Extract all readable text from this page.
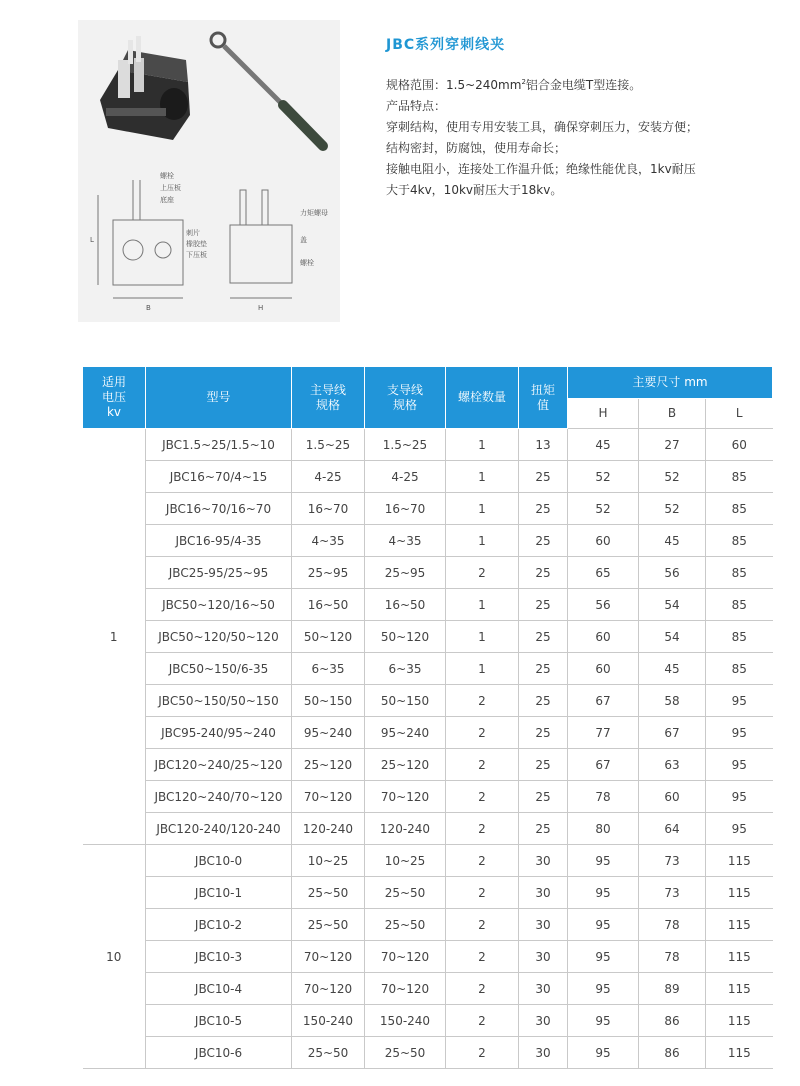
螺栓
上压板
底座
刺片
橡胶垫
下压板
B
L
力矩螺母
盖
螺栓
H
JBC系列穿刺线夹

规格范围：$1.5\sim 240mm^2$铝合金电缆T型连接。

产品特点：

穿刺结构，使用专用安装工具，确保穿刺压力，安装方便；

结构密封，防腐蚀，使用寿命长；

接触电阻小，连接处工作温升低；绝缘性能优良，1kv耐压

大于4kv，10kv耐压大于18kv。

适用
电压
kv	型号	主导线
规格	支导线
规格	螺栓数量	扭矩
值	主要尺寸 mm		
						H	B	L
1	JBC1.5~25/1.5~10	1.5~25	1.5~25	1	13	45	27	60
	JBC16~70/4~15	4-25	4-25	1	25	52	52	85
	JBC16~70/16~70	16~70	16~70	1	25	52	52	85
	JBC16-95/4-35	4~35	4~35	1	25	60	45	85
	JBC25-95/25~95	25~95	25~95	2	25	65	56	85
	JBC50~120/16~50	16~50	16~50	1	25	56	54	85
	JBC50~120/50~120	50~120	50~120	1	25	60	54	85
	JBC50~150/6-35	6~35	6~35	1	25	60	45	85
	JBC50~150/50~150	50~150	50~150	2	25	67	58	95
	JBC95-240/95~240	95~240	95~240	2	25	77	67	95
	JBC120~240/25~120	25~120	25~120	2	25	67	63	95
	JBC120~240/70~120	70~120	70~120	2	25	78	60	95
	JBC120-240/120-240	120-240	120-240	2	25	80	64	95
10	JBC10-0	10~25	10~25	2	30	95	73	115
	JBC10-1	25~50	25~50	2	30	95	73	115
	JBC10-2	25~50	25~50	2	30	95	78	115
	JBC10-3	70~120	70~120	2	30	95	78	115
	JBC10-4	70~120	70~120	2	30	95	89	115
	JBC10-5	150-240	150-240	2	30	95	86	115
	JBC10-6	25~50	25~50	2	30	95	86	115
